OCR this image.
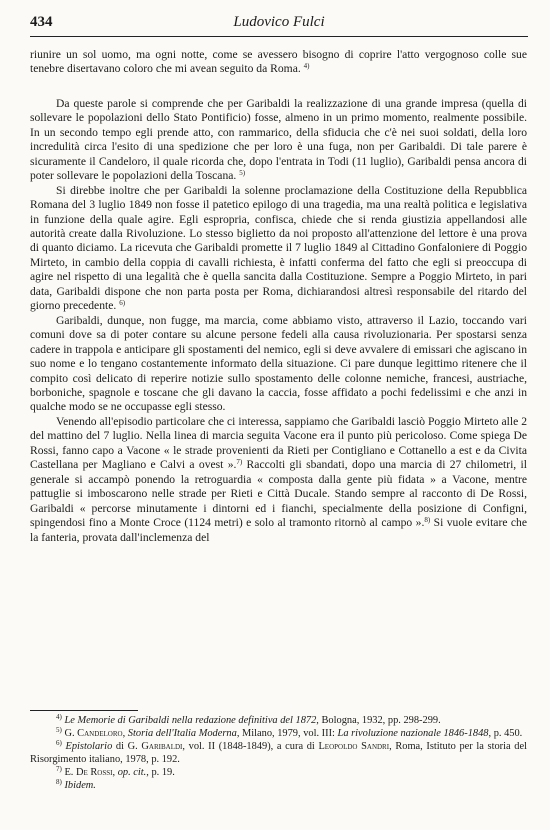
434	Ludovico Fulci

riunire un sol uomo, ma ogni notte, come se avessero bisogno di coprire l'atto vergognoso colle sue tenebre disertavano coloro che mi avean seguito da Roma. $^{4)}$

Da queste parole si comprende che per Garibaldi la realizzazione di una grande impresa (quella di sollevare le popolazioni dello Stato Pontificio) fosse, almeno in un primo momento, realmente possibile. In un secondo tempo egli prende atto, con rammarico, della sfiducia che c'è nei suoi soldati, della loro incredulità circa l'esito di una spedizione che per loro è una fuga, non per Garibaldi. Di tale parere è sicuramente il Candeloro, il quale ricorda che, dopo l'entrata in Todi (11 luglio), Garibaldi pensa ancora di poter sollevare le popolazioni della Toscana. $^{5)}$

Si direbbe inoltre che per Garibaldi la solenne proclamazione della Costituzione della Repubblica Romana del 3 luglio 1849 non fosse il patetico epilogo di una tragedia, ma una realtà politica e legislativa in funzione della quale agire. Egli espropria, confisca, chiede che si renda giustizia appellandosi alle autorità create dalla Rivoluzione. Lo stesso biglietto da noi proposto all'attenzione del lettore è una prova di quanto diciamo. La ricevuta che Garibaldi promette il 7 luglio 1849 al Cittadino Gonfaloniere di Poggio Mirteto, in cambio della coppia di cavalli richiesta, è infatti conferma del fatto che egli si preoccupa di agire nel rispetto di una legalità che è quella sancita dalla Costituzione. Sempre a Poggio Mirteto, in pari data, Garibaldi dispone che non parta posta per Roma, dichiarandosi altresì responsabile del ritardo del giorno precedente. $^{6)}$

Garibaldi, dunque, non fugge, ma marcia, come abbiamo visto, attraverso il Lazio, toccando vari comuni dove sa di poter contare su alcune persone fedeli alla causa rivoluzionaria. Per spostarsi senza cadere in trappola e anticipare gli spostamenti del nemico, egli si deve avvalere di emissari che agiscano in suo nome e lo tengano costantemente informato della situazione. Ci pare dunque legittimo ritenere che il compito così delicato di reperire notizie sullo spostamento delle colonne nemiche, francesi, austriache, borboniche, spagnole e toscane che gli davano la caccia, fosse affidato a pochi fedelissimi e che anzi in qualche modo se ne occupasse egli stesso.

Venendo all'episodio particolare che ci interessa, sappiamo che Garibaldi lasciò Poggio Mirteto alle 2 del mattino del 7 luglio. Nella linea di marcia seguita Vacone era il punto più pericoloso. Come spiega De Rossi, fanno capo a Vacone « le strade provenienti da Rieti per Contigliano e Cottanello a est e da Civita Castellana per Magliano e Calvi a ovest ».$^{7)}$ Raccolti gli sbandati, dopo una marcia di 27 chilometri, il generale si accampò ponendo la retroguardia « composta dalla gente più fidata » a Vacone, mentre pattuglie si imboscarono nelle strade per Rieti e Città Ducale. Stando sempre al racconto di De Rossi, Garibaldi « percorse minutamente i dintorni ed i fianchi, specialmente della posizione di Configni, spingendosi fino a Monte Croce (1124 metri) e solo al tramonto ritornò al campo ».$^{8)}$ Si vuole evitare che la fanteria, provata dall'inclemenza del

$^{4)}$ Le Memorie di Garibaldi nella redazione definitiva del 1872, Bologna, 1932, pp. 298-299.

$^{5)}$ G. Candeloro, Storia dell'Italia Moderna, Milano, 1979, vol. III: La rivoluzione nazionale 1846-1848, p. 450.

$^{6)}$ Epistolario di G. Garibaldi, vol. II (1848-1849), a cura di Leopoldo Sandri, Roma, Istituto per la storia del Risorgimento italiano, 1978, p. 192.

$^{7)}$ E. De Rossi, op. cit., p. 19.

$^{8)}$ Ibidem.
